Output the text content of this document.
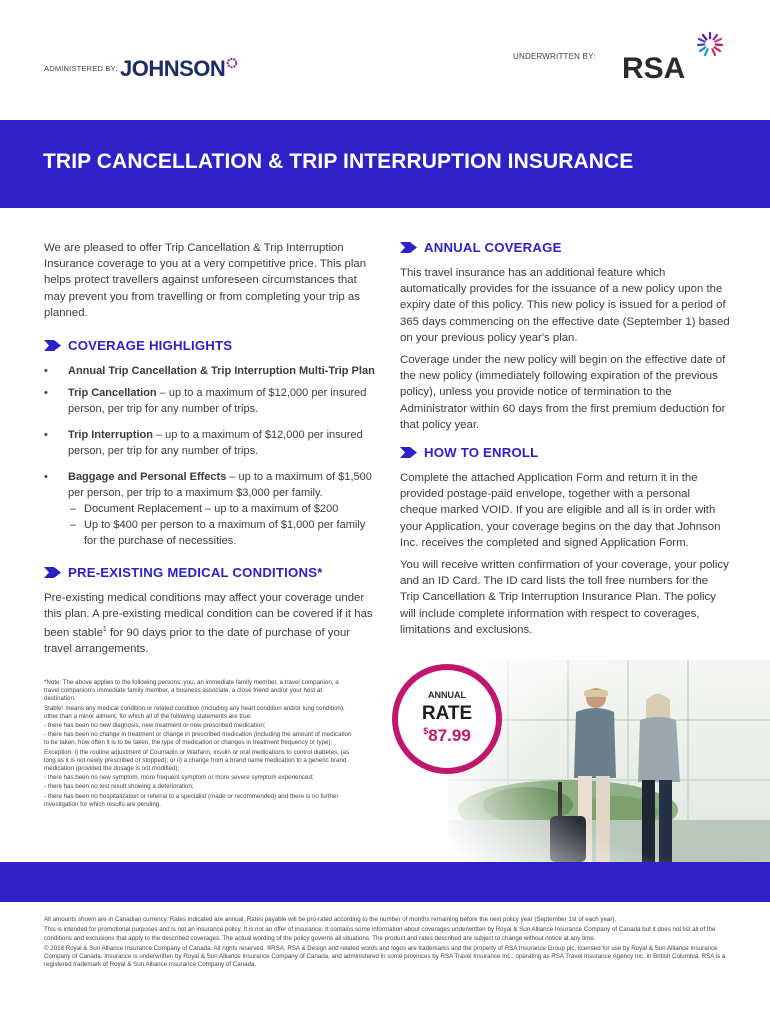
ADMINISTERED BY: JOHNSON	UNDERWRITTEN BY: RSA
TRIP CANCELLATION & TRIP INTERRUPTION INSURANCE

We are pleased to offer Trip Cancellation & Trip Interruption Insurance coverage to you at a very competitive price. This plan helps protect travellers against unforeseen circumstances that may prevent you from travelling or from completing your trip as planned.

COVERAGE HIGHLIGHTS
• Annual Trip Cancellation & Trip Interruption Multi-Trip Plan
• Trip Cancellation – up to a maximum of $12,000 per insured person, per trip for any number of trips.
• Trip Interruption – up to a maximum of $12,000 per insured person, per trip for any number of trips.
• Baggage and Personal Effects – up to a maximum of $1,500 per person, per trip to a maximum $3,000 per family.
– Document Replacement – up to a maximum of $200
– Up to $400 per person to a maximum of $1,000 per family for the purchase of necessities.
PRE-EXISTING MEDICAL CONDITIONS*

Pre-existing medical conditions may affect your coverage under this plan. A pre-existing medical condition can be covered if it has been stable$^1$ for 90 days prior to the date of purchase of your travel arrangements.

*Note: The above applies to the following persons: you, an immediate family member, a travel companion, a travel companion's immediate family member, a business associate, a close friend and/or your host at destination.
Stable¹ means any medical condition or related condition (including any heart condition and/or lung condition), other than a minor ailment, for which all of the following statements are true:
- there has been no new diagnosis, new treatment or new prescribed medication;
- there has been no change in treatment or change in prescribed medication (including the amount of medication to be taken, how often it is to be taken, the type of medication or changes in treatment frequency or type);
Exception: i) the routine adjustment of Coumadin or Warfarin, insulin or oral medications to control diabetes, (as long as it is not newly prescribed or stopped); or ii) a change from a brand name medication to a generic brand medication (provided the dosage is not modified);
- there has been no new symptom, more frequent symptom or more severe symptom experienced;
- there has been no test result showing a deterioration;
- there has been no hospitalization or referral to a specialist (made or recommended) and there is no further investigation for which results are pending.
ANNUAL COVERAGE

This travel insurance has an additional feature which automatically provides for the issuance of a new policy upon the expiry date of this policy. This new policy is issued for a period of 365 days commencing on the effective date (September 1) based on your previous policy year's plan.

Coverage under the new policy will begin on the effective date of the new policy (immediately following expiration of the previous policy), unless you provide notice of termination to the Administrator within 60 days from the first premium deduction for that policy year.

HOW TO ENROLL

Complete the attached Application Form and return it in the provided postage-paid envelope, together with a personal cheque marked VOID. If you are eligible and all is in order with your Application, your coverage begins on the day that Johnson Inc. receives the completed and signed Application Form.

You will receive written confirmation of your coverage, your policy and an ID Card. The ID card lists the toll free numbers for the Trip Cancellation & Trip Interruption Insurance Plan. The policy will include complete information with respect to coverages, limitations and exclusions.

ANNUAL
RATE
$87.99
All amounts shown are in Canadian currency. Rates indicated are annual. Rates payable will be pro-rated according to the number of months remaining before the next policy year (September 1st of each year).
This is intended for promotional purposes and is not an insurance policy. It is not an offer of insurance. It contains some information about coverages underwritten by Royal & Sun Alliance Insurance Company of Canada but it does not list all of the conditions and exclusions that apply to the described coverages. The actual wording of the policy governs all situations. The product and rates described are subject to change without notice at any time.
© 2018 Royal & Sun Alliance Insurance Company of Canada. All rights reserved. ®RSA, RSA & Design and related words and logos are trademarks and the property of RSA Insurance Group plc, licensed for use by Royal & Sun Alliance Insurance Company of Canada. Insurance is underwritten by Royal & Sun Alliance Insurance Company of Canada, and administered in some provinces by RSA Travel Insurance Inc., operating as RSA Travel Insurance Agency Inc. in British Columbia. RSA is a registered trademark of Royal & Sun Alliance Insurance Company of Canada.
